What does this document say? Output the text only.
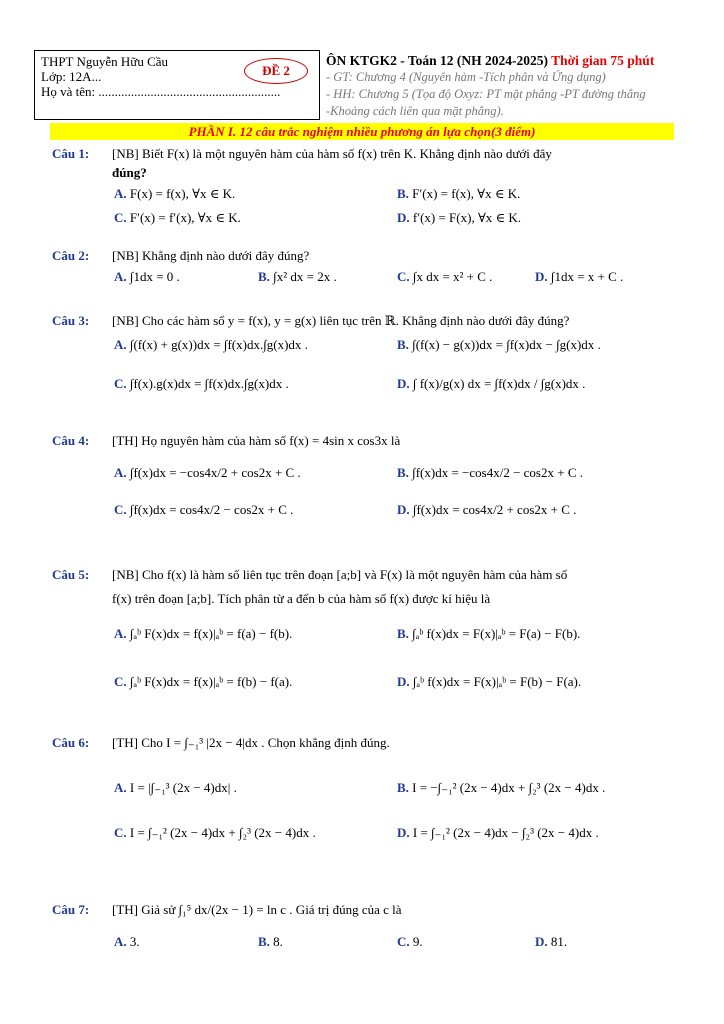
THPT Nguyễn Hữu Cầu
Lớp: 12A...
Họ và tên: ........................................................
ĐỀ 2
ÔN KTGK2 - Toán 12 (NH 2024-2025) Thời gian 75 phút
- GT: Chương 4 (Nguyên hàm -Tích phân và Ứng dụng)
- HH: Chương 5 (Tọa độ Oxyz: PT mặt phẳng -PT đường thẳng
-Khoảng cách liên qua mặt phẳng).
PHẦN I. 12 câu trắc nghiệm nhiều phương án lựa chọn(3 điểm)
Câu 1: [NB] Biết F(x) là một nguyên hàm của hàm số f(x) trên K. Khẳng định nào dưới đây
đúng?
A. F(x) = f(x), ∀x ∈ K.	B. F′(x) = f(x), ∀x ∈ K.
C. F′(x) = f′(x), ∀x ∈ K.	D. f′(x) = F(x), ∀x ∈ K.
Câu 2: [NB] Khẳng định nào dưới đây đúng?
A. ∫1dx = 0 .	B. ∫x² dx = 2x .	C. ∫x dx = x² + C .	D. ∫1dx = x + C .
Câu 3: [NB] Cho các hàm số y = f(x), y = g(x) liên tục trên ℝ. Khẳng định nào dưới đây đúng?
A. ∫(f(x) + g(x))dx = ∫f(x)dx.∫g(x)dx .	B. ∫(f(x) − g(x))dx = ∫f(x)dx − ∫g(x)dx .
C. ∫f(x).g(x)dx = ∫f(x)dx.∫g(x)dx .	D. ∫ f(x)/g(x) dx = ∫f(x)dx / ∫g(x)dx .
Câu 4: [TH] Họ nguyên hàm của hàm số f(x) = 4sin x cos3x là
A. ∫f(x)dx = −cos4x/2 + cos2x + C .	B. ∫f(x)dx = −cos4x/2 − cos2x + C .
C. ∫f(x)dx = cos4x/2 − cos2x + C .	D. ∫f(x)dx = cos4x/2 + cos2x + C .
Câu 5: [NB] Cho f(x) là hàm số liên tục trên đoạn [a;b] và F(x) là một nguyên hàm của hàm số
f(x) trên đoạn [a;b]. Tích phân từ a đến b của hàm số f(x) được kí hiệu là
A. ∫ₐᵇ F(x)dx = f(x)|ₐᵇ = f(a) − f(b).	B. ∫ₐᵇ f(x)dx = F(x)|ₐᵇ = F(a) − F(b).
C. ∫ₐᵇ F(x)dx = f(x)|ₐᵇ = f(b) − f(a).	D. ∫ₐᵇ f(x)dx = F(x)|ₐᵇ = F(b) − F(a).
Câu 6: [TH] Cho I = ∫₋₁³ |2x − 4|dx . Chọn khẳng định đúng.
A. I = |∫₋₁³ (2x − 4)dx| .	B. I = −∫₋₁² (2x − 4)dx + ∫₂³ (2x − 4)dx .
C. I = ∫₋₁² (2x − 4)dx + ∫₂³ (2x − 4)dx .	D. I = ∫₋₁² (2x − 4)dx − ∫₂³ (2x − 4)dx .
Câu 7: [TH] Giả sử ∫₁⁵ dx/(2x − 1) = ln c . Giá trị đúng của c là
A. 3.	B. 8.	C. 9.	D. 81.
